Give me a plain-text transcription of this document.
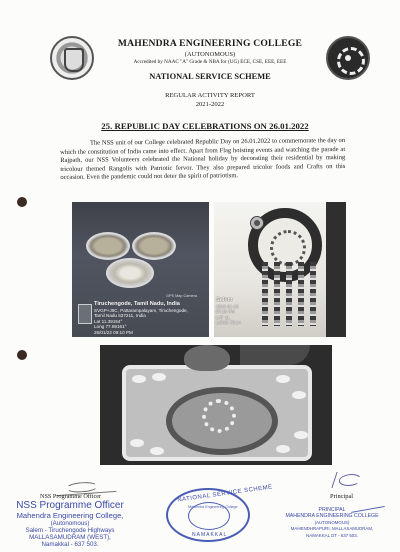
MAHENDRA ENGINEERING COLLEGE
(AUTONOMOUS)
Accredited by NAAC "A" Grade & NBA for (UG) ECE, CSE, EEE, EEE
NATIONAL SERVICE SCHEME
REGULAR ACTIVITY REPORT
2021-2022
25. REPUBLIC DAY CELEBRATIONS ON 26.01.2022

The NSS unit of our College celebrated Republic Day on 26.01.2022 to commemorate the day on which the constitution of India came into effect. Apart from Flag hoisting events and watching the parade at Rajpath, our NSS Volunteers celebrated the National holiday by decorating their residential by making tricolour themed Rangolis with Patriotic fervor. They also prepared tricolor foods and Crafts on this occasion. Even the pandemic could not deter the spirit of patriotism.

GPS Map Camera
Tiruchengode, Tamil Nadu, India
SVGP+J9C, Pattarampalayam, Tiruchengode,
Tamil Nadu 637211, India
Lat 11.39154°
Long 77.89161°
26/01/22 09:10 PM
Salem
2022-01-26
07:19 PM
LAT 11.
LONG 78.14
NSS Programme Officer
NSS Programme Officer
Mahendra Engineering College,
(Autonomous)
Salem - Tiruchengode Highways
MALLASAMUDRAM (WEST),
Namakkal - 637 503.
NATIONAL SERVICE SCHEME
Mahendra Engineering College
NAMAKKAL
Principal
PRINCIPAL
MAHENDRA ENGINEERING COLLEGE
(AUTONOMOUS)
MAHENDHRAPURI, MALLASAMUDRAM,
NAMAKKAL DT - 637 503.
